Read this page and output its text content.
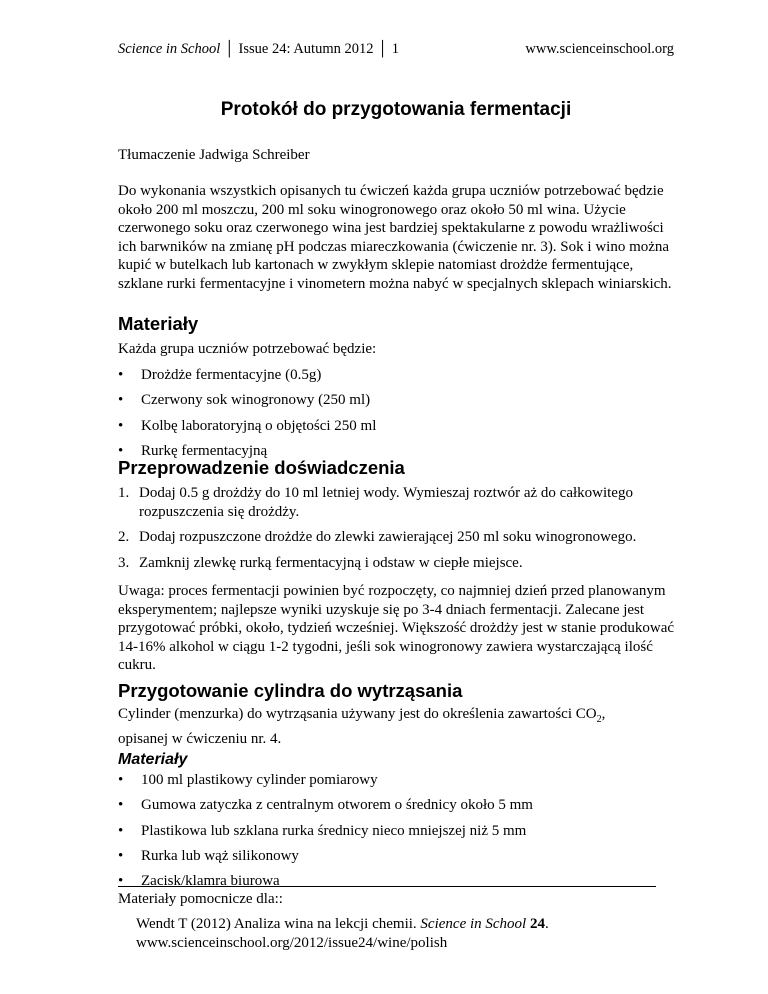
Science in School │ Issue 24: Autumn 2012 │ 1	www.scienceinschool.org
Protokół do przygotowania fermentacji
Tłumaczenie Jadwiga Schreiber
Do wykonania wszystkich opisanych tu ćwiczeń każda grupa uczniów potrzebować będzie około 200 ml moszczu, 200 ml soku winogronowego oraz około 50 ml wina. Użycie czerwonego soku oraz czerwonego wina jest bardziej spektakularne z powodu wrażliwości ich barwników na zmianę pH podczas miareczkowania (ćwiczenie nr. 3). Sok i wino można kupić w butelkach lub kartonach w zwykłym sklepie natomiast drożdże fermentujące, szklane rurki fermentacyjne i vinometern można nabyć w specjalnych sklepach winiarskich.
Materiały
Każda grupa uczniów potrzebować będzie:
• Drożdże fermentacyjne (0.5g)
• Czerwony sok winogronowy (250 ml)
• Kolbę laboratoryjną o objętości 250 ml
• Rurkę fermentacyjną
Przeprowadzenie doświadczenia
1. Dodaj 0.5 g drożdży do 10 ml letniej wody. Wymieszaj roztwór aż do całkowitego rozpuszczenia się drożdży.
2. Dodaj rozpuszczone drożdże do zlewki zawierającej 250 ml soku winogronowego.
3. Zamknij zlewkę rurką fermentacyjną i odstaw w ciepłe miejsce.
Uwaga: proces fermentacji powinien być rozpoczęty, co najmniej dzień przed planowanym eksperymentem; najlepsze wyniki uzyskuje się po 3-4 dniach fermentacji. Zalecane jest przygotować próbki, około, tydzień wcześniej. Większość drożdży jest w stanie produkować 14-16% alkohol w ciągu 1-2 tygodni, jeśli sok winogronowy zawiera wystarczającą ilość cukru.
Przygotowanie cylindra do wytrząsania
Cylinder (menzurka) do wytrząsania używany jest do określenia zawartości $CO_2$,
opisanej w ćwiczeniu nr. 4.
Materiały
• 100 ml plastikowy cylinder pomiarowy
• Gumowa zatyczka z centralnym otworem o średnicy około 5 mm
• Plastikowa lub szklana rurka średnicy nieco mniejszej niż 5 mm
• Rurka lub wąż silikonowy
• Zacisk/klamra biurowa
Materiały pomocnicze dla::
Wendt T (2012) Analiza wina na lekcji chemii. Science in School 24.
www.scienceinschool.org/2012/issue24/wine/polish
